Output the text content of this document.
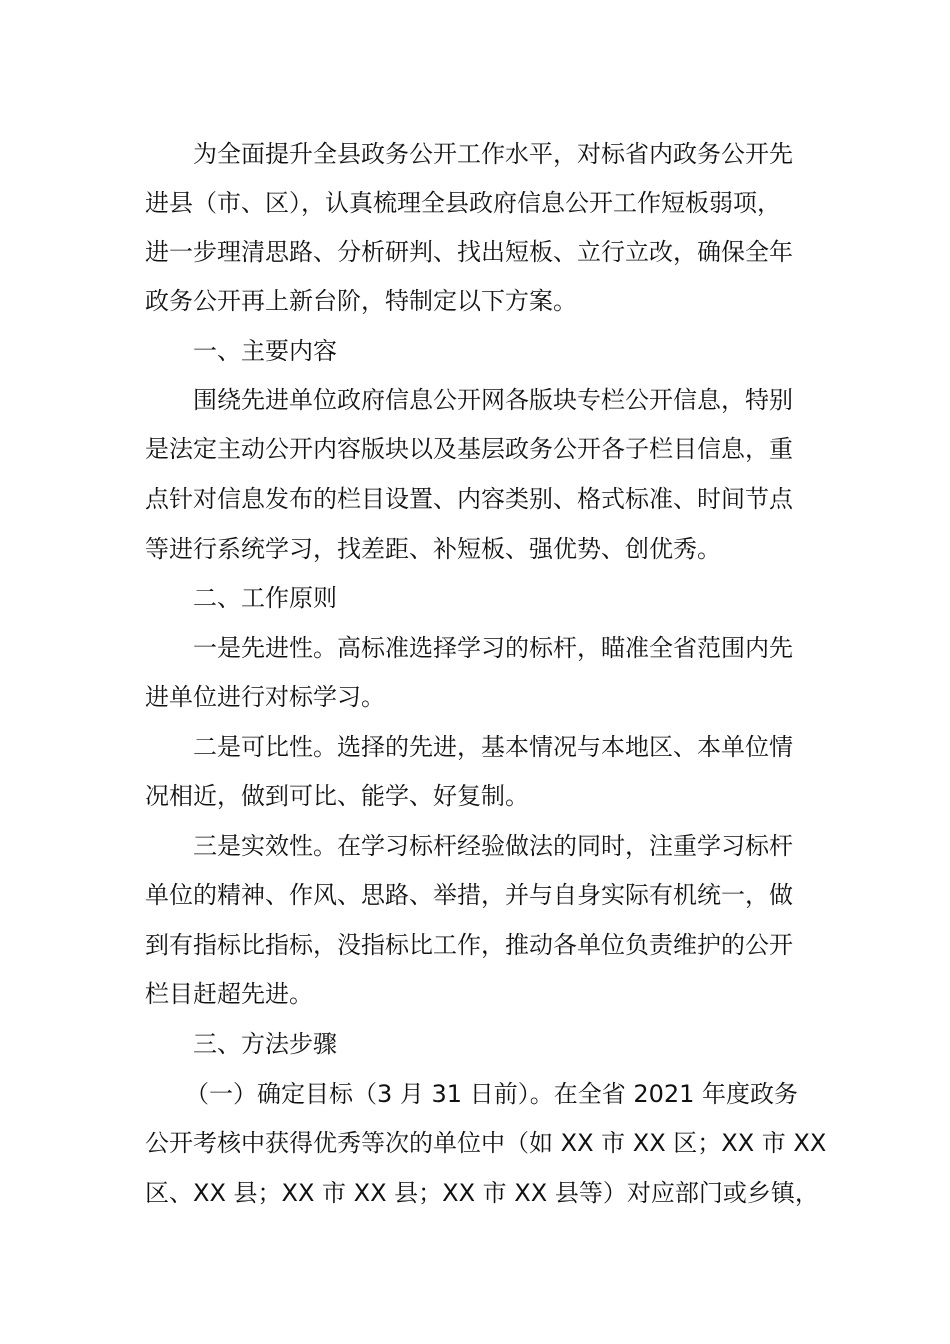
为全面提升全县政务公开工作水平，对标省内政务公开先
进县（市、区），认真梳理全县政府信息公开工作短板弱项，
进一步理清思路、分析研判、找出短板、立行立改，确保全年
政务公开再上新台阶，特制定以下方案。
一、主要内容
围绕先进单位政府信息公开网各版块专栏公开信息，特别
是法定主动公开内容版块以及基层政务公开各子栏目信息，重
点针对信息发布的栏目设置、内容类别、格式标准、时间节点
等进行系统学习，找差距、补短板、强优势、创优秀。
二、工作原则
一是先进性。高标准选择学习的标杆，瞄准全省范围内先
进单位进行对标学习。
二是可比性。选择的先进，基本情况与本地区、本单位情
况相近，做到可比、能学、好复制。
三是实效性。在学习标杆经验做法的同时，注重学习标杆
单位的精神、作风、思路、举措，并与自身实际有机统一，做
到有指标比指标，没指标比工作，推动各单位负责维护的公开
栏目赶超先进。
三、方法步骤
（一）确定目标（3 月 31 日前）。在全省 2021 年度政务
公开考核中获得优秀等次的单位中（如 XX 市 XX 区；XX 市 XX
区、XX 县；XX 市 XX 县；XX 市 XX 县等）对应部门或乡镇，
